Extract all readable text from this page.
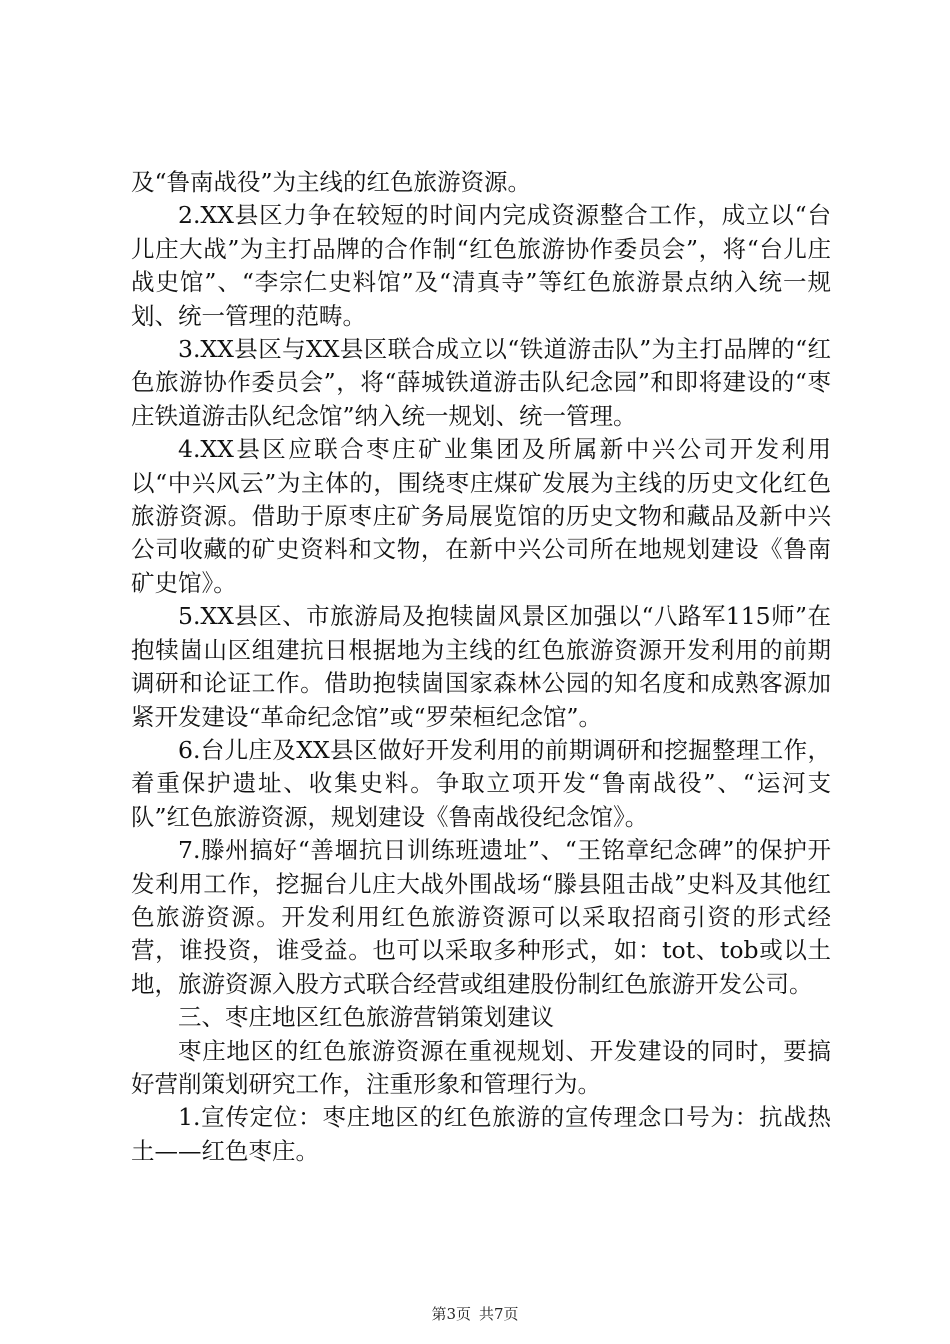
及“鲁南战役”为主线的红色旅游资源。

2.XX县区力争在较短的时间内完成资源整合工作，成立以“台儿庄大战”为主打品牌的合作制“红色旅游协作委员会”，将“台儿庄战史馆”、“李宗仁史料馆”及“清真寺”等红色旅游景点纳入统一规划、统一管理的范畴。

3.XX县区与XX县区联合成立以“铁道游击队”为主打品牌的“红色旅游协作委员会”，将“薛城铁道游击队纪念园”和即将建设的“枣庄铁道游击队纪念馆”纳入统一规划、统一管理。

4.XX县区应联合枣庄矿业集团及所属新中兴公司开发利用以“中兴风云”为主体的，围绕枣庄煤矿发展为主线的历史文化红色旅游资源。借助于原枣庄矿务局展览馆的历史文物和藏品及新中兴公司收藏的矿史资料和文物，在新中兴公司所在地规划建设《鲁南矿史馆》。

5.XX县区、市旅游局及抱犊崮风景区加强以“八路军115师”在抱犊崮山区组建抗日根据地为主线的红色旅游资源开发利用的前期调研和论证工作。借助抱犊崮国家森林公园的知名度和成熟客源加紧开发建设“革命纪念馆”或“罗荣桓纪念馆”。

6.台儿庄及XX县区做好开发利用的前期调研和挖掘整理工作，着重保护遗址、收集史料。争取立项开发“鲁南战役”、“运河支队”红色旅游资源，规划建设《鲁南战役纪念馆》。

7.滕州搞好“善堌抗日训练班遗址”、“王铭章纪念碑”的保护开发利用工作，挖掘台儿庄大战外围战场“滕县阻击战”史料及其他红色旅游资源。开发利用红色旅游资源可以采取招商引资的形式经营，谁投资，谁受益。也可以采取多种形式，如：tot、tob或以土地，旅游资源入股方式联合经营或组建股份制红色旅游开发公司。

三、枣庄地区红色旅游营销策划建议

枣庄地区的红色旅游资源在重视规划、开发建设的同时，要搞好营削策划研究工作，注重形象和管理行为。

1.宣传定位：枣庄地区的红色旅游的宣传理念口号为：抗战热土——红色枣庄。

第3页 共7页
